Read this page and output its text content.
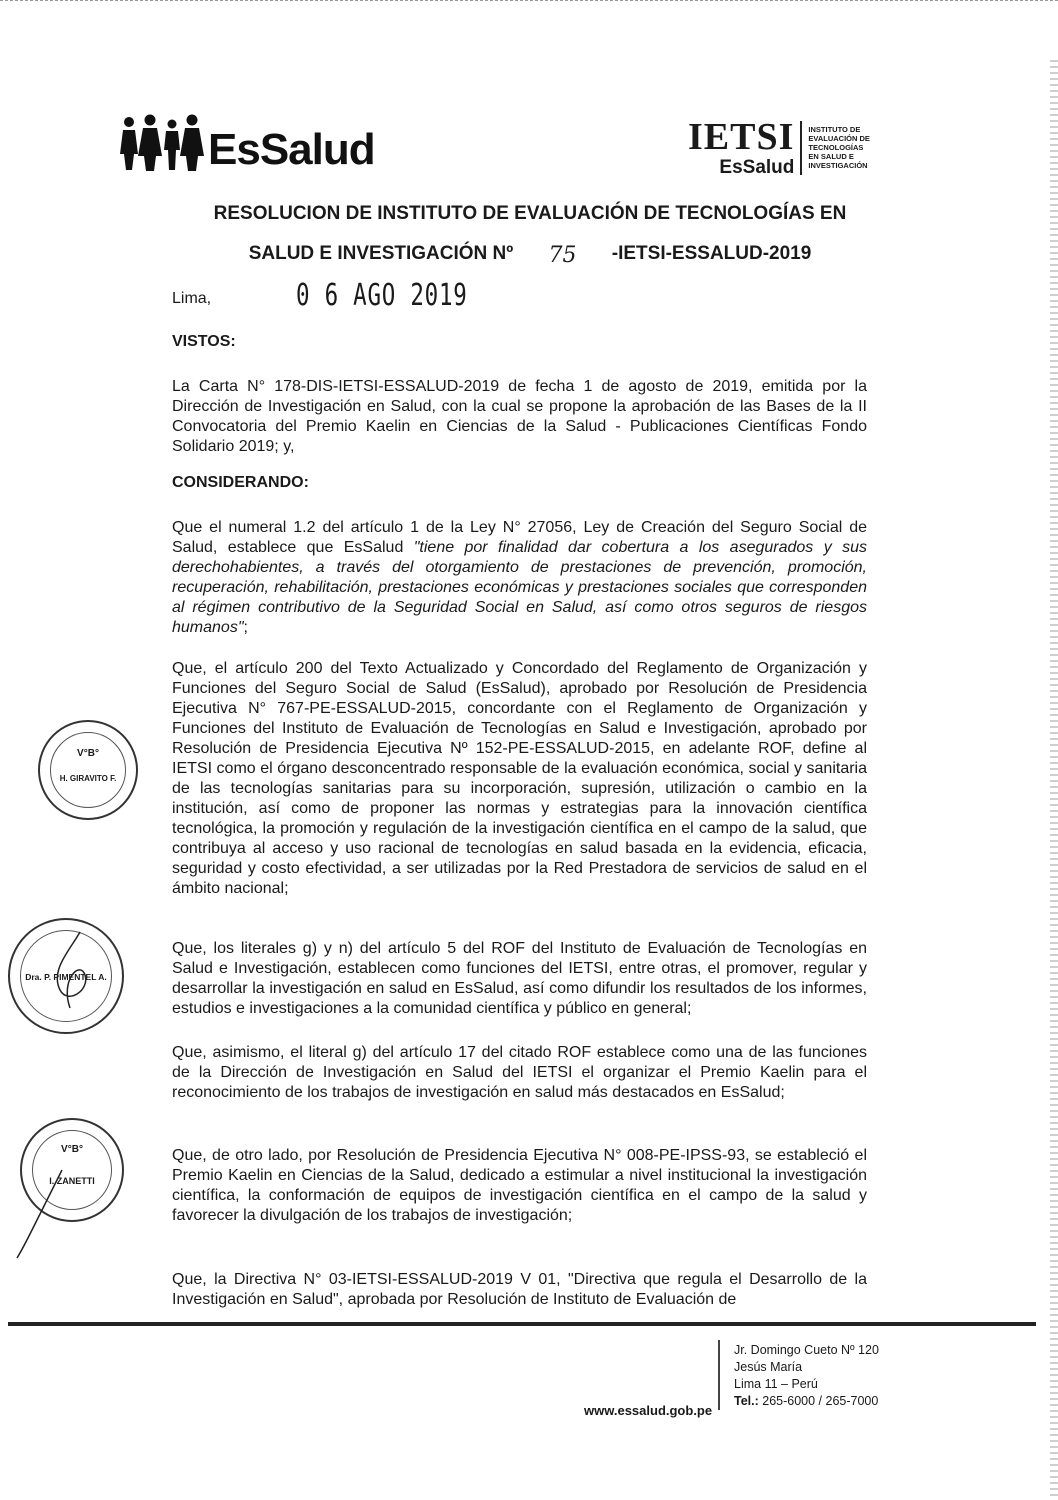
EsSalud	IETSI
EsSalud
INSTITUTO DE EVALUACIÓN DE TECNOLOGÍAS EN SALUD E INVESTIGACIÓN
RESOLUCION DE INSTITUTO DE EVALUACIÓN DE TECNOLOGÍAS EN
SALUD E INVESTIGACIÓN Nº 75 -IETSI-ESSALUD-2019
Lima,	0 6 AGO 2019
VISTOS:
La Carta N° 178-DIS-IETSI-ESSALUD-2019 de fecha 1 de agosto de 2019, emitida por la Dirección de Investigación en Salud, con la cual se propone la aprobación de las Bases de la II Convocatoria del Premio Kaelin en Ciencias de la Salud - Publicaciones Científicas Fondo Solidario 2019; y,
CONSIDERANDO:
Que el numeral 1.2 del artículo 1 de la Ley N° 27056, Ley de Creación del Seguro Social de Salud, establece que EsSalud "tiene por finalidad dar cobertura a los asegurados y sus derechohabientes, a través del otorgamiento de prestaciones de prevención, promoción, recuperación, rehabilitación, prestaciones económicas y prestaciones sociales que corresponden al régimen contributivo de la Seguridad Social en Salud, así como otros seguros de riesgos humanos";
Que, el artículo 200 del Texto Actualizado y Concordado del Reglamento de Organización y Funciones del Seguro Social de Salud (EsSalud), aprobado por Resolución de Presidencia Ejecutiva N° 767-PE-ESSALUD-2015, concordante con el Reglamento de Organización y Funciones del Instituto de Evaluación de Tecnologías en Salud e Investigación, aprobado por Resolución de Presidencia Ejecutiva Nº 152-PE-ESSALUD-2015, en adelante ROF, define al IETSI como el órgano desconcentrado responsable de la evaluación económica, social y sanitaria de las tecnologías sanitarias para su incorporación, supresión, utilización o cambio en la institución, así como de proponer las normas y estrategias para la innovación científica tecnológica, la promoción y regulación de la investigación científica en el campo de la salud, que contribuya al acceso y uso racional de tecnologías en salud basada en la evidencia, eficacia, seguridad y costo efectividad, a ser utilizadas por la Red Prestadora de servicios de salud en el ámbito nacional;
Que, los literales g) y n) del artículo 5 del ROF del Instituto de Evaluación de Tecnologías en Salud e Investigación, establecen como funciones del IETSI, entre otras, el promover, regular y desarrollar la investigación en salud en EsSalud, así como difundir los resultados de los informes, estudios e investigaciones a la comunidad científica y público en general;
Que, asimismo, el literal g) del artículo 17 del citado ROF establece como una de las funciones de la Dirección de Investigación en Salud del IETSI el organizar el Premio Kaelin para el reconocimiento de los trabajos de investigación en salud más destacados en EsSalud;
Que, de otro lado, por Resolución de Presidencia Ejecutiva N° 008-PE-IPSS-93, se estableció el Premio Kaelin en Ciencias de la Salud, dedicado a estimular a nivel institucional la investigación científica, la conformación de equipos de investigación científica en el campo de la salud y favorecer la divulgación de los trabajos de investigación;
Que, la Directiva N° 03-IETSI-ESSALUD-2019 V 01, "Directiva que regula el Desarrollo de la Investigación en Salud", aprobada por Resolución de Instituto de Evaluación de
V°B°
H. GIRAVITO F.
Dra. P. PIMENTEL A.
V°B°
I. ZANETTI
www.essalud.gob.pe
Jr. Domingo Cueto Nº 120
Jesús María
Lima 11 – Perú
Tel.: 265-6000 / 265-7000
